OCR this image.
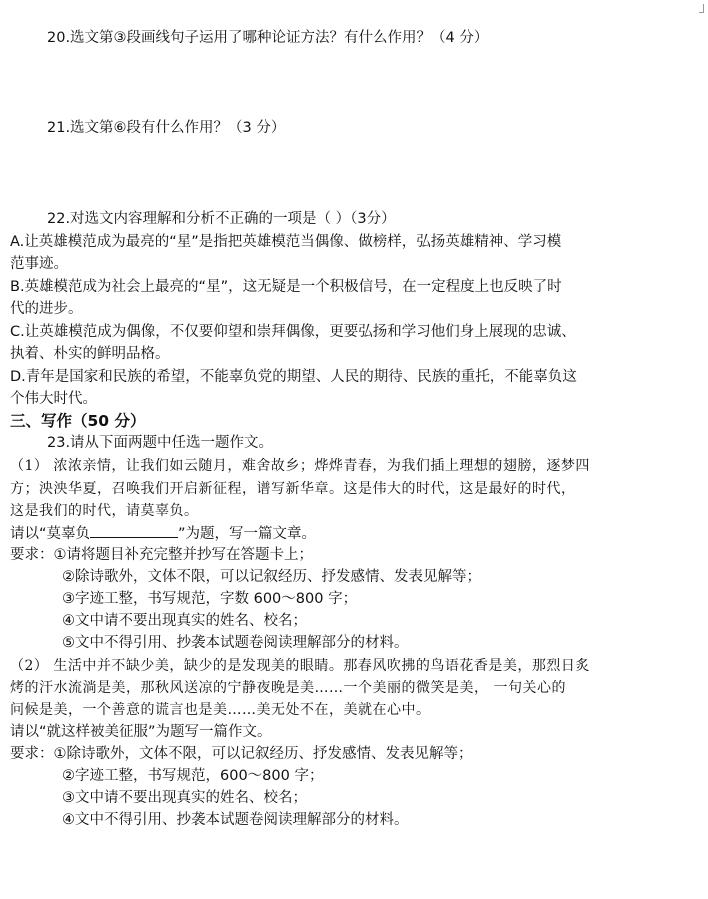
20.选文第③段画线句子运用了哪种论证方法？有什么作用？（4 分）
21.选文第⑥段有什么作用？（3 分）
22.对选文内容理解和分析不正确的一项是（ ）（3分）
A.让英雄模范成为最亮的“星”是指把英雄模范当偶像、做榜样，弘扬英雄精神、学习模
范事迹。
B.英雄模范成为社会上最亮的“星”，这无疑是一个积极信号，在一定程度上也反映了时
代的进步。
C.让英雄模范成为偶像，不仅要仰望和崇拜偶像，更要弘扬和学习他们身上展现的忠诚、
执着、朴实的鲜明品格。
D.青年是国家和民族的希望，不能辜负党的期望、人民的期待、民族的重托，不能辜负这
个伟大时代。
三、写作（50 分）
23.请从下面两题中任选一题作文。
（1） 浓浓亲情，让我们如云随月，难舍故乡；烨烨青春，为我们插上理想的翅膀，逐梦四
方；泱泱华夏，召唤我们开启新征程，谱写新华章。这是伟大的时代，这是最好的时代，
这是我们的时代，请莫辜负。
请以“莫辜负	”为题，写一篇文章。
要求：①请将题目补充完整并抄写在答题卡上；
②除诗歌外，文体不限，可以记叙经历、抒发感情、发表见解等；
③字迹工整，书写规范，字数 600～800 字；
④文中请不要出现真实的姓名、校名；
⑤文中不得引用、抄袭本试题卷阅读理解部分的材料。
（2） 生活中并不缺少美，缺少的是发现美的眼睛。那春风吹拂的鸟语花香是美，那烈日炙
烤的汗水流淌是美，那秋风送凉的宁静夜晚是美……一个美丽的微笑是美， 一句关心的
问候是美，一个善意的谎言也是美……美无处不在，美就在心中。
请以“就这样被美征服”为题写一篇作文。
要求：①除诗歌外，文体不限，可以记叙经历、抒发感情、发表见解等；
②字迹工整，书写规范，600～800 字；
③文中请不要出现真实的姓名、校名；
④文中不得引用、抄袭本试题卷阅读理解部分的材料。
